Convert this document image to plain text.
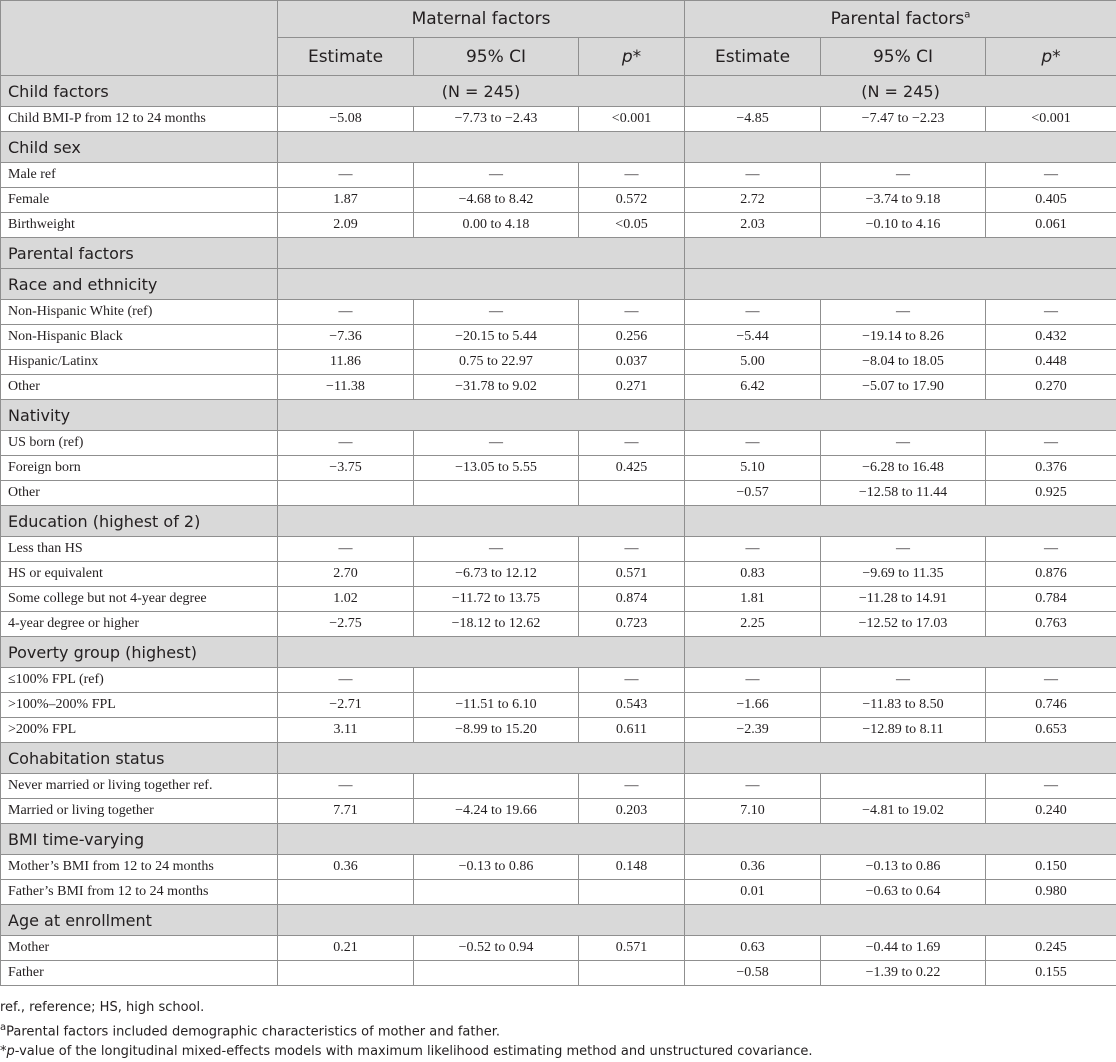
	Maternal factors			Parental factors$^a$
	Estimate	95% CI	p*	Estimate	95% CI	p*
Child factors	(N = 245)			(N = 245)		
Child BMI-P from 12 to 24 months	−5.08	−7.73 to −2.43	<0.001	−4.85	−7.47 to −2.23	<0.001
Child sex						
Male ref	—	—	—	—	—	—
Female	1.87	−4.68 to 8.42	0.572	2.72	−3.74 to 9.18	0.405
Birthweight	2.09	0.00 to 4.18	<0.05	2.03	−0.10 to 4.16	0.061
Parental factors						
Race and ethnicity						
Non-Hispanic White (ref)	—	—	—	—	—	—
Non-Hispanic Black	−7.36	−20.15 to 5.44	0.256	−5.44	−19.14 to 8.26	0.432
Hispanic/Latinx	11.86	0.75 to 22.97	0.037	5.00	−8.04 to 18.05	0.448
Other	−11.38	−31.78 to 9.02	0.271	6.42	−5.07 to 17.90	0.270
Nativity						
US born (ref)	—	—	—	—	—	—
Foreign born	−3.75	−13.05 to 5.55	0.425	5.10	−6.28 to 16.48	0.376
Other				−0.57	−12.58 to 11.44	0.925
Education (highest of 2)						
Less than HS	—	—	—	—	—	—
HS or equivalent	2.70	−6.73 to 12.12	0.571	0.83	−9.69 to 11.35	0.876
Some college but not 4-year degree	1.02	−11.72 to 13.75	0.874	1.81	−11.28 to 14.91	0.784
4-year degree or higher	−2.75	−18.12 to 12.62	0.723	2.25	−12.52 to 17.03	0.763
Poverty group (highest)						
≤100% FPL (ref)	—		—	—	—	—
>100%–200% FPL	−2.71	−11.51 to 6.10	0.543	−1.66	−11.83 to 8.50	0.746
>200% FPL	3.11	−8.99 to 15.20	0.611	−2.39	−12.89 to 8.11	0.653
Cohabitation status						
Never married or living together ref.	—		—	—		—
Married or living together	7.71	−4.24 to 19.66	0.203	7.10	−4.81 to 19.02	0.240
BMI time-varying						
Mother’s BMI from 12 to 24 months	0.36	−0.13 to 0.86	0.148	0.36	−0.13 to 0.86	0.150
Father’s BMI from 12 to 24 months				0.01	−0.63 to 0.64	0.980
Age at enrollment						
Mother	0.21	−0.52 to 0.94	0.571	0.63	−0.44 to 1.69	0.245
Father				−0.58	−1.39 to 0.22	0.155
ref., reference; HS, high school.
$^a$Parental factors included demographic characteristics of mother and father.
*p-value of the longitudinal mixed-effects models with maximum likelihood estimating method and unstructured covariance.
